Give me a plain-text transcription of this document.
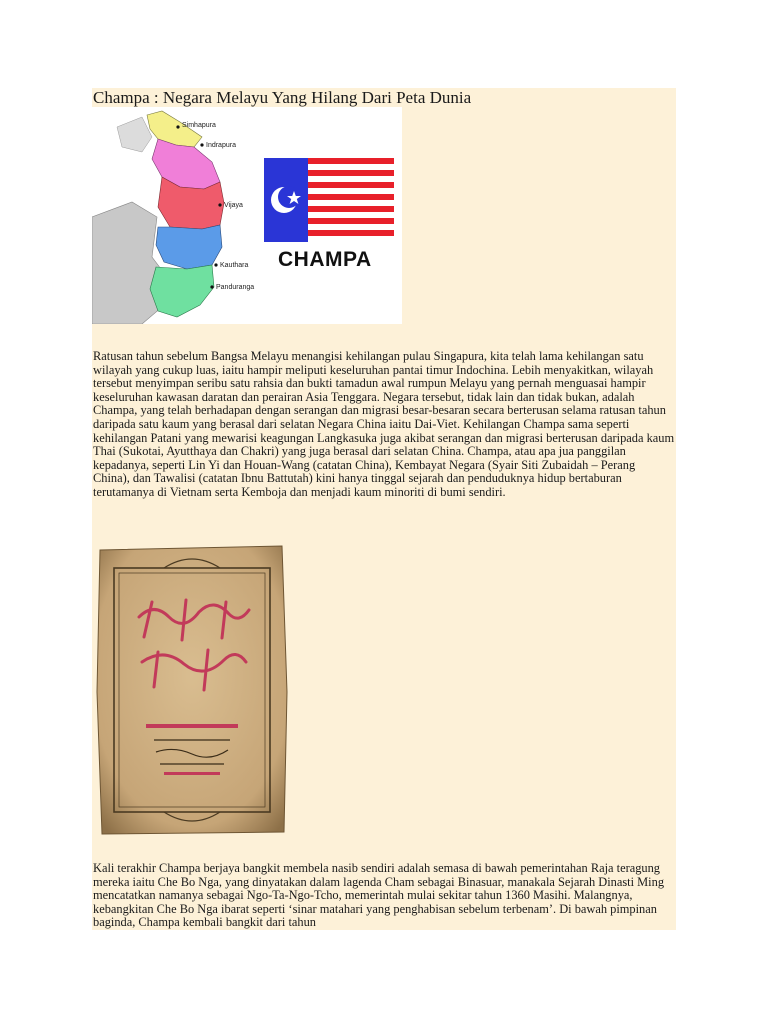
Champa : Negara Melayu Yang Hilang Dari Peta Dunia
Simhapura
Indrapura
Vijaya
Kauthara
Panduranga
CHAMPA

Ratusan tahun sebelum Bangsa Melayu menangisi kehilangan pulau Singapura, kita telah lama kehilangan satu wilayah yang cukup luas, iaitu hampir meliputi keseluruhan pantai timur Indochina. Lebih menyakitkan, wilayah tersebut menyimpan seribu satu rahsia dan bukti tamadun awal rumpun Melayu yang pernah menguasai hampir keseluruhan kawasan daratan dan perairan Asia Tenggara. Negara tersebut, tidak lain dan tidak bukan, adalah Champa, yang telah berhadapan dengan serangan dan migrasi besar-besaran secara berterusan selama ratusan tahun daripada satu kaum yang berasal dari selatan Negara China iaitu Dai-Viet. Kehilangan Champa sama seperti kehilangan Patani yang mewarisi keagungan Langkasuka juga akibat serangan dan migrasi berterusan daripada kaum Thai (Sukotai, Ayutthaya dan Chakri) yang juga berasal dari selatan China. Champa, atau apa jua panggilan kepadanya, seperti Lin Yi dan Houan-Wang (catatan China), Kembayat Negara (Syair Siti Zubaidah – Perang China), dan Tawalisi (catatan Ibnu Battutah) kini hanya tinggal sejarah dan penduduknya hidup bertaburan terutamanya di Vietnam serta Kemboja dan menjadi kaum minoriti di bumi sendiri.

Kali terakhir Champa berjaya bangkit membela nasib sendiri adalah semasa di bawah pemerintahan Raja teragung mereka iaitu Che Bo Nga, yang dinyatakan dalam lagenda Cham sebagai Binasuar, manakala Sejarah Dinasti Ming mencatatkan namanya sebagai Ngo-Ta-Ngo-Tcho, memerintah mulai sekitar tahun 1360 Masihi. Malangnya, kebangkitan Che Bo Nga ibarat seperti ‘sinar matahari yang penghabisan sebelum terbenam’. Di bawah pimpinan baginda, Champa kembali bangkit dari tahun
